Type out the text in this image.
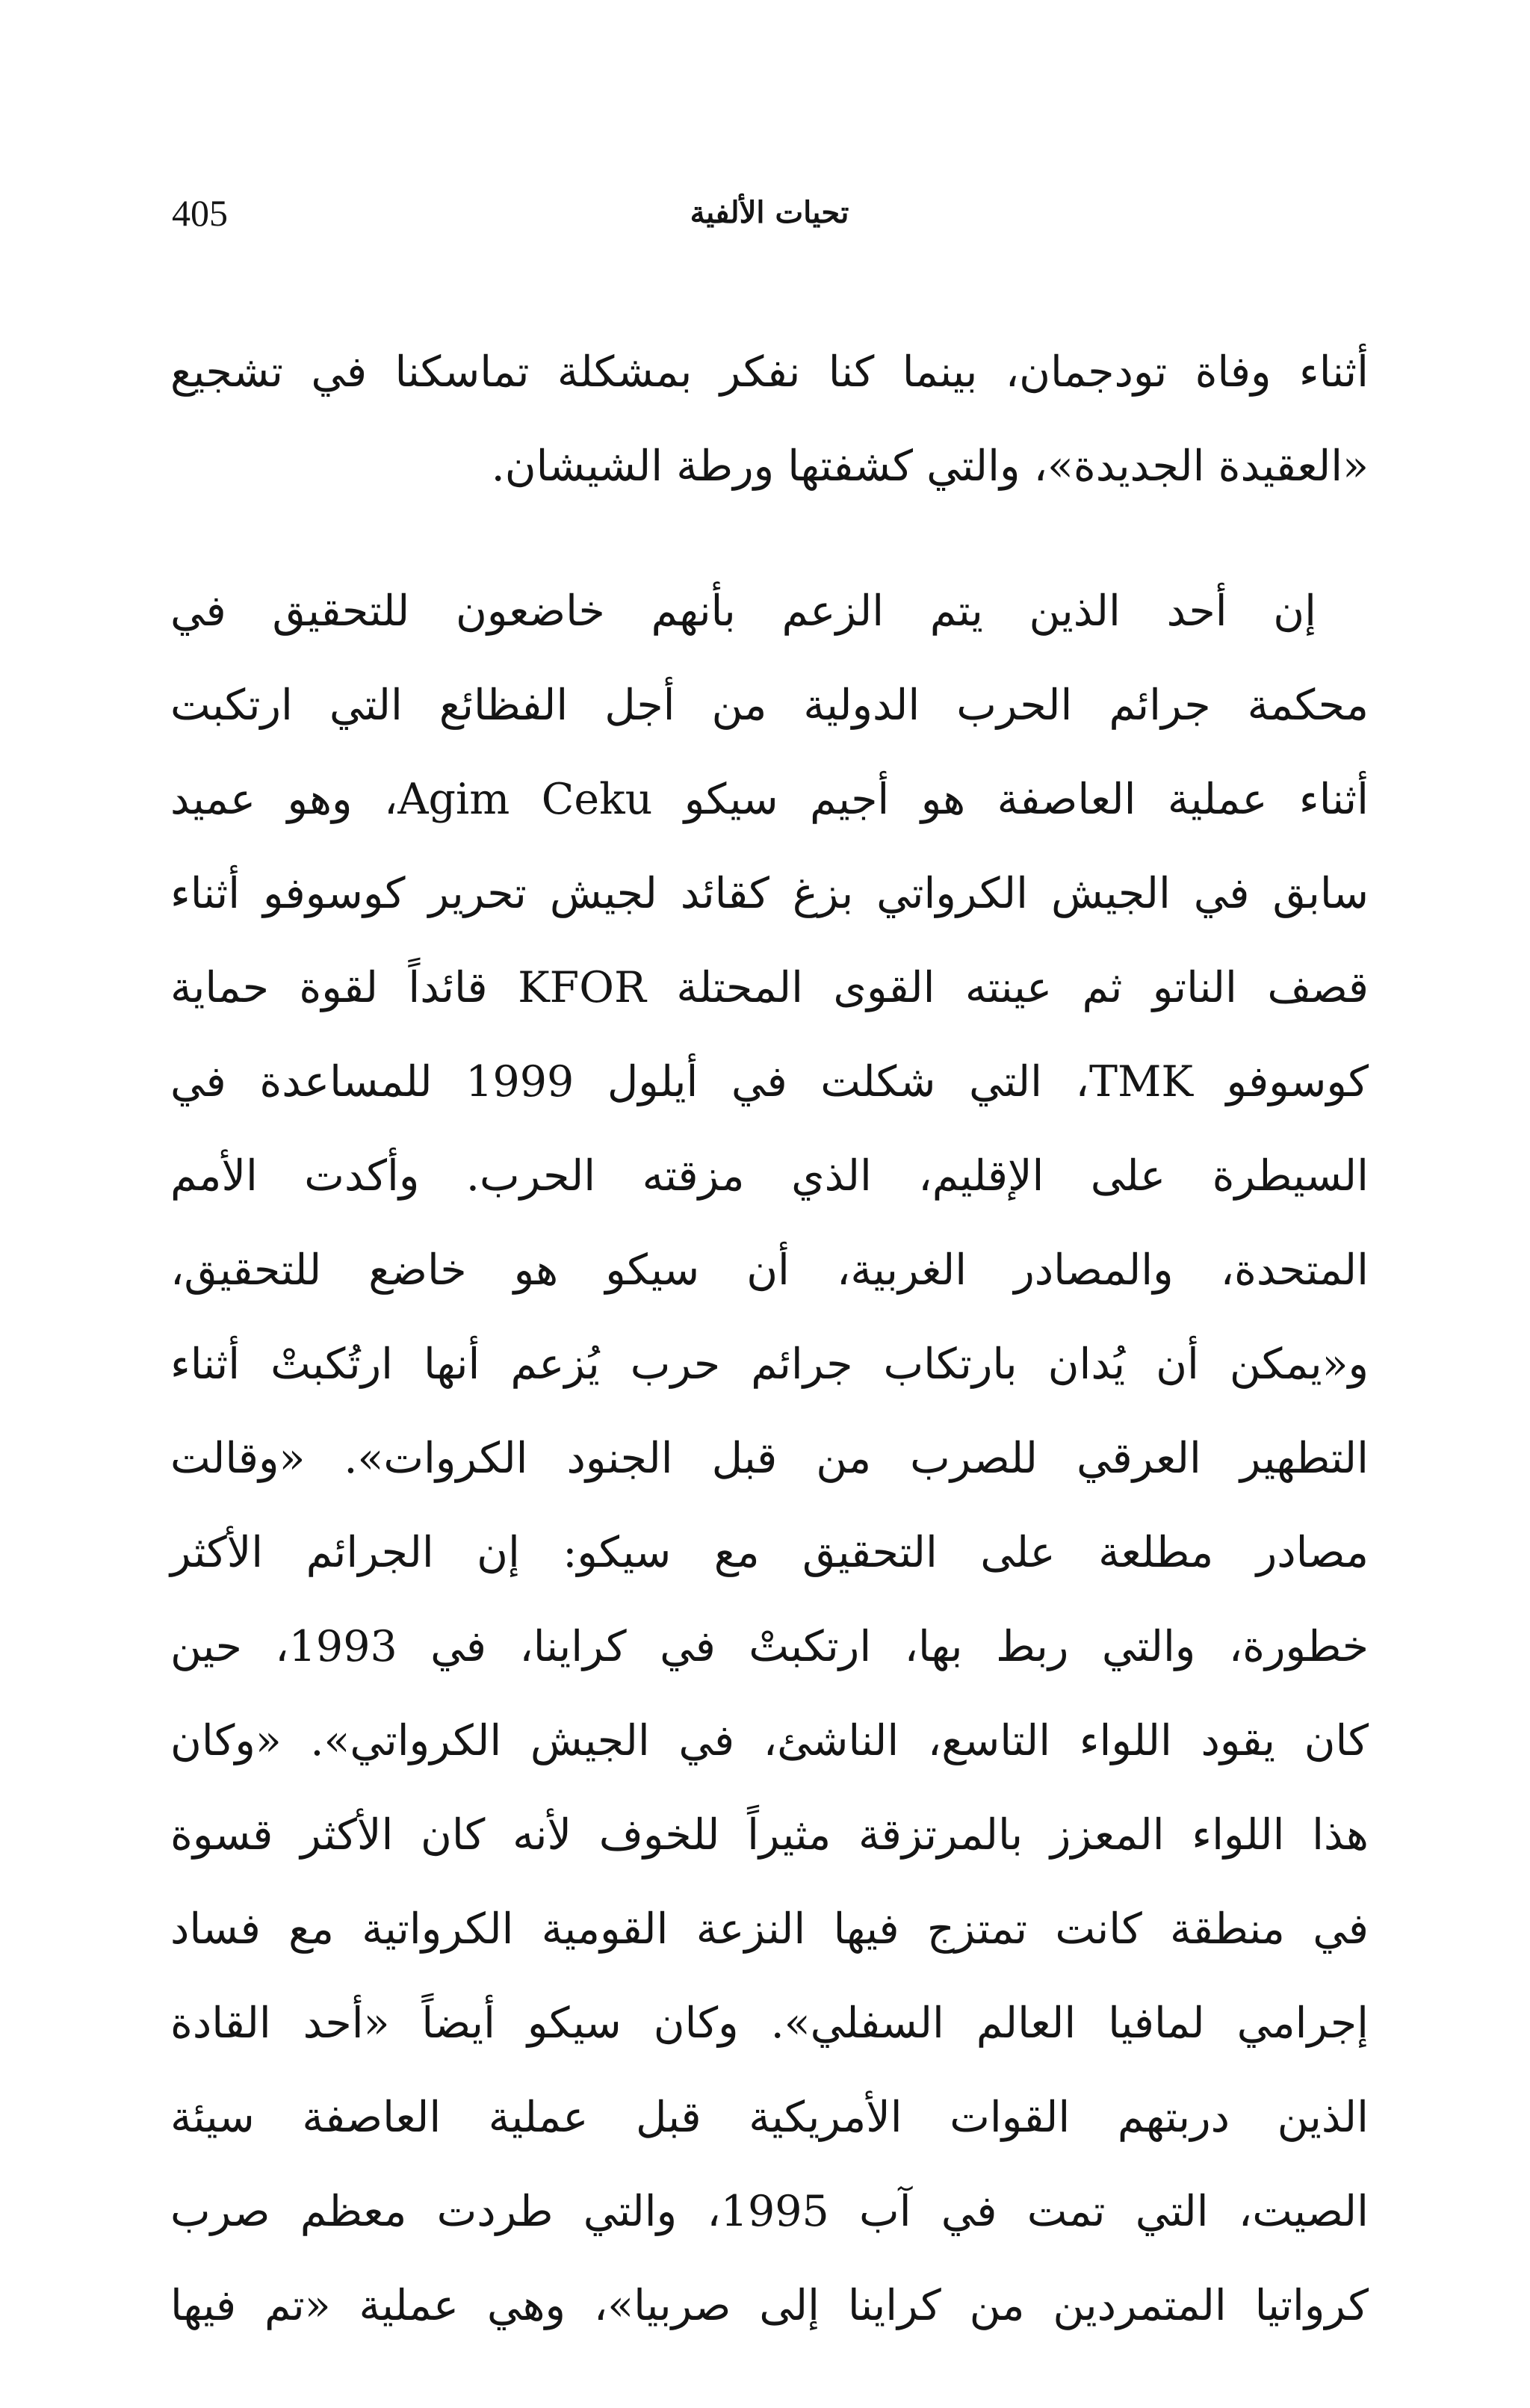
405	تحيات الألفية
أثناء وفاة تودجمان، بينما كنا نفكر بمشكلة تماسكنا في تشجيع
«العقيدة الجديدة»، والتي كشفتها ورطة الشيشان.
إن أحد الذين يتم الزعم بأنهم خاضعون للتحقيق في
محكمة جرائم الحرب الدولية من أجل الفظائع التي ارتكبت
أثناء عملية العاصفة هو أجيم سيكو Agim Ceku، وهو عميد
سابق في الجيش الكرواتي بزغ كقائد لجيش تحرير كوسوفو أثناء
قصف الناتو ثم عينته القوى المحتلة KFOR قائداً لقوة حماية
كوسوفو TMK، التي شكلت في أيلول 1999 للمساعدة في
السيطرة على الإقليم، الذي مزقته الحرب. وأكدت الأمم
المتحدة، والمصادر الغربية، أن سيكو هو خاضع للتحقيق،
و«يمكن أن يُدان بارتكاب جرائم حرب يُزعم أنها ارتُكبتْ أثناء
التطهير العرقي للصرب من قبل الجنود الكروات». «وقالت
مصادر مطلعة على التحقيق مع سيكو: إن الجرائم الأكثر
خطورة، والتي ربط بها، ارتكبتْ في كراينا، في 1993، حين
كان يقود اللواء التاسع، الناشئ، في الجيش الكرواتي». «وكان
هذا اللواء المعزز بالمرتزقة مثيراً للخوف لأنه كان الأكثر قسوة
في منطقة كانت تمتزج فيها النزعة القومية الكرواتية مع فساد
إجرامي لمافيا العالم السفلي». وكان سيكو أيضاً «أحد القادة
الذين دربتهم القوات الأمريكية قبل عملية العاصفة سيئة
الصيت، التي تمت في آب 1995، والتي طردت معظم صرب
كرواتيا المتمردين من كراينا إلى صربيا»، وهي عملية «تم فيها
